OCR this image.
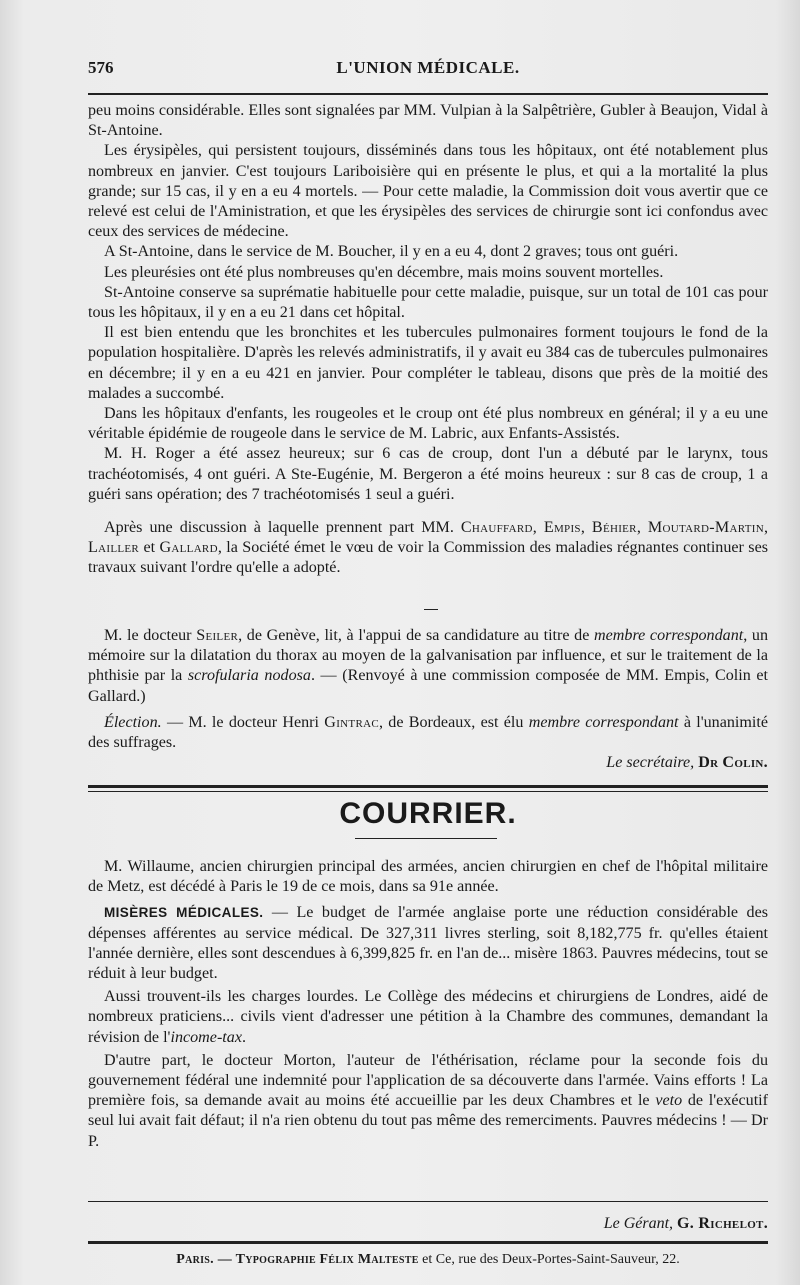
576	L'UNION MÉDICALE.

peu moins considérable. Elles sont signalées par MM. Vulpian à la Salpêtrière, Gubler à Beaujon, Vidal à St-Antoine.

Les érysipèles, qui persistent toujours, disséminés dans tous les hôpitaux, ont été notablement plus nombreux en janvier. C'est toujours Lariboisière qui en présente le plus, et qui a la mortalité la plus grande; sur 15 cas, il y en a eu 4 mortels. — Pour cette maladie, la Commission doit vous avertir que ce relevé est celui de l'Aministration, et que les érysipèles des services de chirurgie sont ici confondus avec ceux des services de médecine.

A St-Antoine, dans le service de M. Boucher, il y en a eu 4, dont 2 graves; tous ont guéri.

Les pleurésies ont été plus nombreuses qu'en décembre, mais moins souvent mortelles.

St-Antoine conserve sa suprématie habituelle pour cette maladie, puisque, sur un total de 101 cas pour tous les hôpitaux, il y en a eu 21 dans cet hôpital.

Il est bien entendu que les bronchites et les tubercules pulmonaires forment toujours le fond de la population hospitalière. D'après les relevés administratifs, il y avait eu 384 cas de tubercules pulmonaires en décembre; il y en a eu 421 en janvier. Pour compléter le tableau, disons que près de la moitié des malades a succombé.

Dans les hôpitaux d'enfants, les rougeoles et le croup ont été plus nombreux en général; il y a eu une véritable épidémie de rougeole dans le service de M. Labric, aux Enfants-Assistés.

M. H. Roger a été assez heureux; sur 6 cas de croup, dont l'un a débuté par le larynx, tous trachéotomisés, 4 ont guéri. A Ste-Eugénie, M. Bergeron a été moins heureux : sur 8 cas de croup, 1 a guéri sans opération; des 7 trachéotomisés 1 seul a guéri.

Après une discussion à laquelle prennent part MM. Chauffard, Empis, Béhier, Moutard-Martin, Lailler et Gallard, la Société émet le vœu de voir la Commission des maladies régnantes continuer ses travaux suivant l'ordre qu'elle a adopté.

M. le docteur Seiler, de Genève, lit, à l'appui de sa candidature au titre de membre correspondant, un mémoire sur la dilatation du thorax au moyen de la galvanisation par influence, et sur le traitement de la phthisie par la scrofularia nodosa. — (Renvoyé à une commission composée de MM. Empis, Colin et Gallard.)

Élection. — M. le docteur Henri Gintrac, de Bordeaux, est élu membre correspondant à l'unanimité des suffrages.

Le secrétaire, Dr Colin.

COURRIER.

M. Willaume, ancien chirurgien principal des armées, ancien chirurgien en chef de l'hôpital militaire de Metz, est décédé à Paris le 19 de ce mois, dans sa 91e année.

MISÈRES MÉDICALES. — Le budget de l'armée anglaise porte une réduction considérable des dépenses afférentes au service médical. De 327,311 livres sterling, soit 8,182,775 fr. qu'elles étaient l'année dernière, elles sont descendues à 6,399,825 fr. en l'an de... misère 1863. Pauvres médecins, tout se réduit à leur budget.

Aussi trouvent-ils les charges lourdes. Le Collège des médecins et chirurgiens de Londres, aidé de nombreux praticiens... civils vient d'adresser une pétition à la Chambre des communes, demandant la révision de l'income-tax.

D'autre part, le docteur Morton, l'auteur de l'éthérisation, réclame pour la seconde fois du gouvernement fédéral une indemnité pour l'application de sa découverte dans l'armée. Vains efforts ! La première fois, sa demande avait au moins été accueillie par les deux Chambres et le veto de l'exécutif seul lui avait fait défaut; il n'a rien obtenu du tout pas même des remerciments. Pauvres médecins ! — Dr P.

Le Gérant, G. Richelot.
Paris. — Typographie Félix Malteste et Ce, rue des Deux-Portes-Saint-Sauveur, 22.
